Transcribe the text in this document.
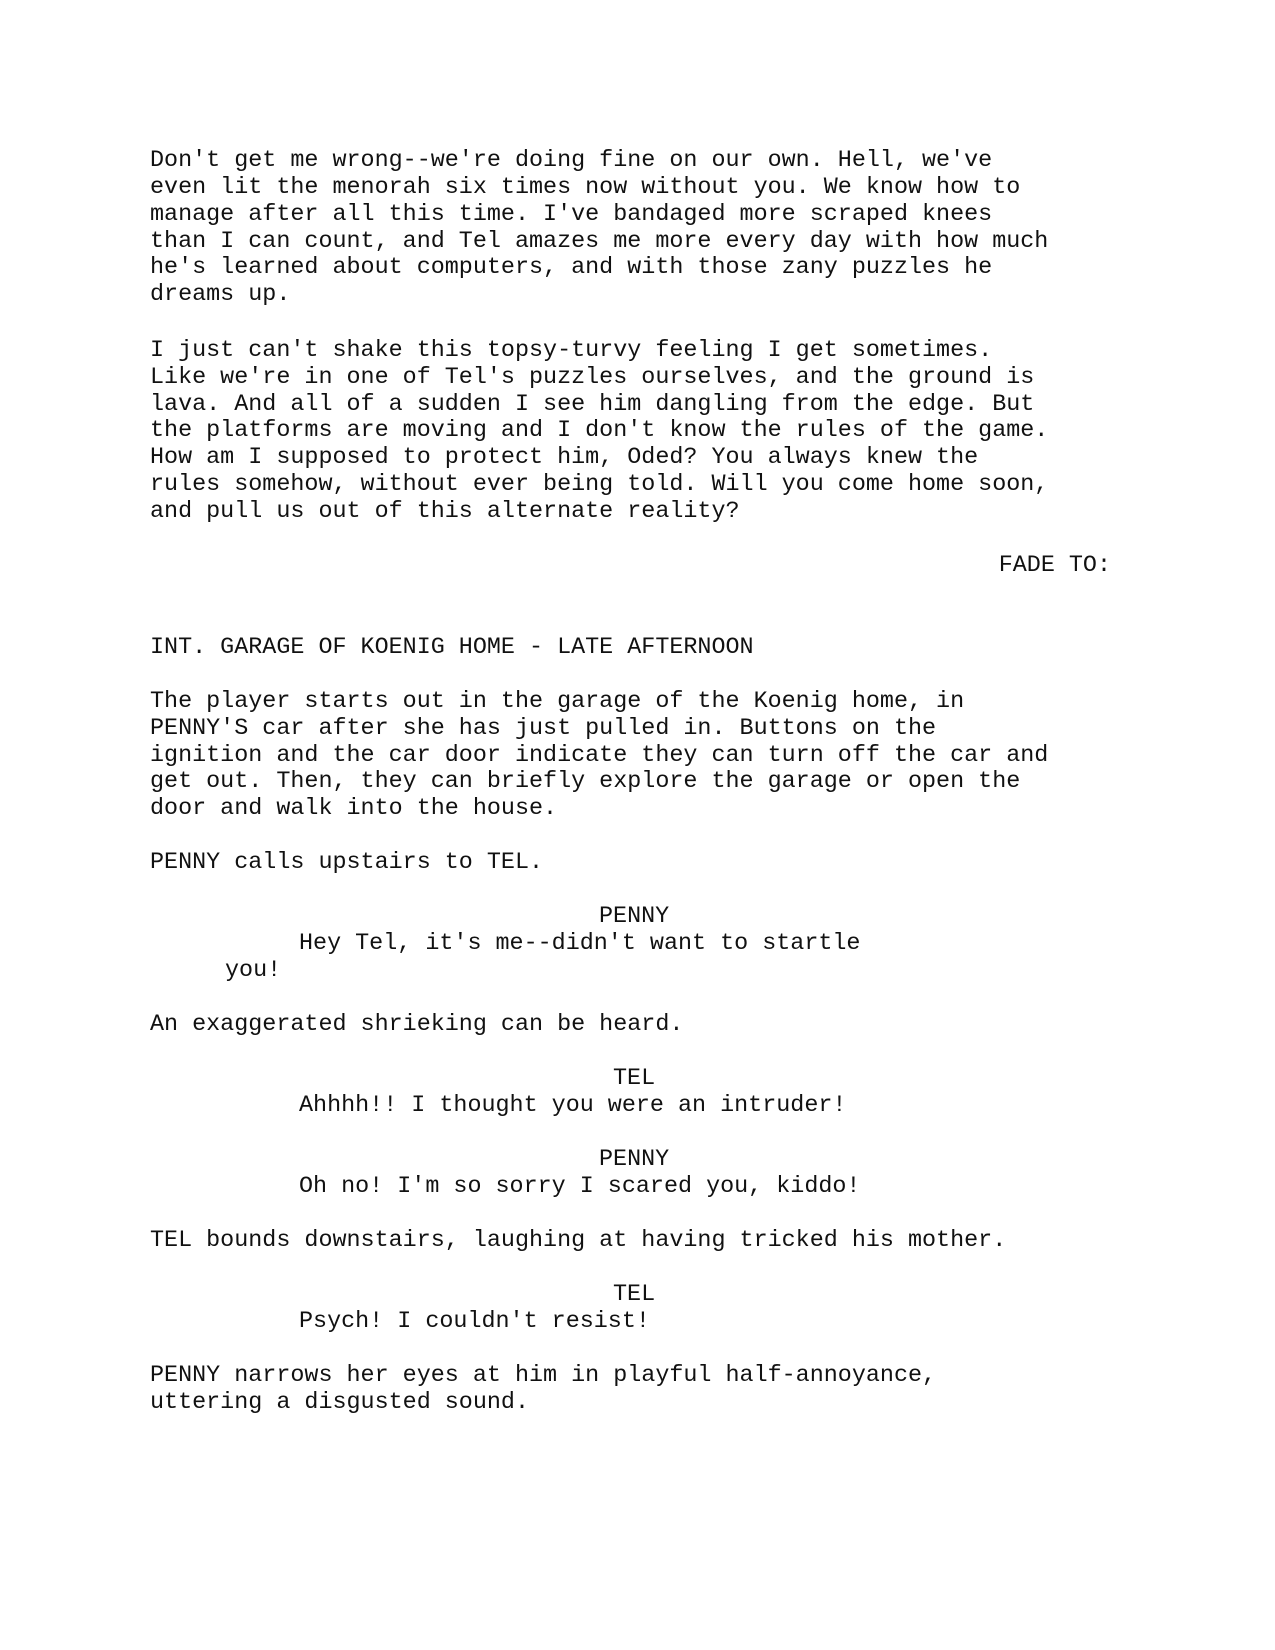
Don't get me wrong--we're doing fine on our own. Hell, we've

even lit the menorah six times now without you. We know how to

manage after all this time. I've bandaged more scraped knees

than I can count, and Tel amazes me more every day with how much

he's learned about computers, and with those zany puzzles he

dreams up.

I just can't shake this topsy-turvy feeling I get sometimes.

Like we're in one of Tel's puzzles ourselves, and the ground is

lava. And all of a sudden I see him dangling from the edge. But

the platforms are moving and I don't know the rules of the game.

How am I supposed to protect him, Oded? You always knew the

rules somehow, without ever being told. Will you come home soon,

and pull us out of this alternate reality?

FADE TO:

INT. GARAGE OF KOENIG HOME - LATE AFTERNOON

The player starts out in the garage of the Koenig home, in

PENNY'S car after she has just pulled in. Buttons on the

ignition and the car door indicate they can turn off the car and

get out. Then, they can briefly explore the garage or open the

door and walk into the house.

PENNY calls upstairs to TEL.

PENNY

Hey Tel, it's me--didn't want to startle

you!

An exaggerated shrieking can be heard.

TEL

Ahhhh!! I thought you were an intruder!

PENNY

Oh no! I'm so sorry I scared you, kiddo!

TEL bounds downstairs, laughing at having tricked his mother.

TEL

Psych! I couldn't resist!

PENNY narrows her eyes at him in playful half-annoyance,

uttering a disgusted sound.
